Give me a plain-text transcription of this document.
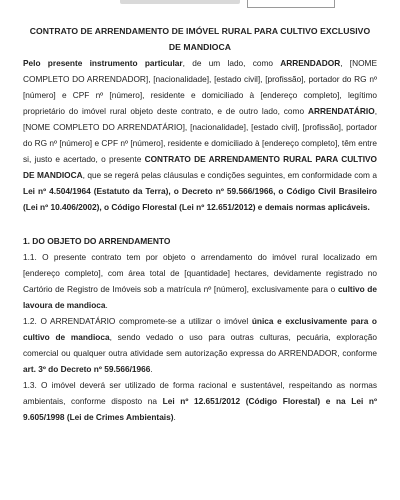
CONTRATO DE ARRENDAMENTO DE IMÓVEL RURAL PARA CULTIVO EXCLUSIVO
DE MANDIOCA

Pelo presente instrumento particular, de um lado, como ARRENDADOR, [NOME COMPLETO DO ARRENDADOR], [nacionalidade], [estado civil], [profissão], portador do RG nº [número] e CPF nº [número], residente e domiciliado à [endereço completo], legítimo proprietário do imóvel rural objeto deste contrato, e de outro lado, como ARRENDATÁRIO, [NOME COMPLETO DO ARRENDATÁRIO], [nacionalidade], [estado civil], [profissão], portador do RG nº [número] e CPF nº [número], residente e domiciliado à [endereço completo], têm entre si, justo e acertado, o presente CONTRATO DE ARRENDAMENTO RURAL PARA CULTIVO DE MANDIOCA, que se regerá pelas cláusulas e condições seguintes, em conformidade com a Lei nº 4.504/1964 (Estatuto da Terra), o Decreto nº 59.566/1966, o Código Civil Brasileiro (Lei nº 10.406/2002), o Código Florestal (Lei nº 12.651/2012) e demais normas aplicáveis.

1. DO OBJETO DO ARRENDAMENTO

1.1. O presente contrato tem por objeto o arrendamento do imóvel rural localizado em [endereço completo], com área total de [quantidade] hectares, devidamente registrado no Cartório de Registro de Imóveis sob a matrícula nº [número], exclusivamente para o cultivo de lavoura de mandioca.

1.2. O ARRENDATÁRIO compromete-se a utilizar o imóvel única e exclusivamente para o cultivo de mandioca, sendo vedado o uso para outras culturas, pecuária, exploração comercial ou qualquer outra atividade sem autorização expressa do ARRENDADOR, conforme art. 3º do Decreto nº 59.566/1966.

1.3. O imóvel deverá ser utilizado de forma racional e sustentável, respeitando as normas ambientais, conforme disposto na Lei nº 12.651/2012 (Código Florestal) e na Lei nº 9.605/1998 (Lei de Crimes Ambientais).
